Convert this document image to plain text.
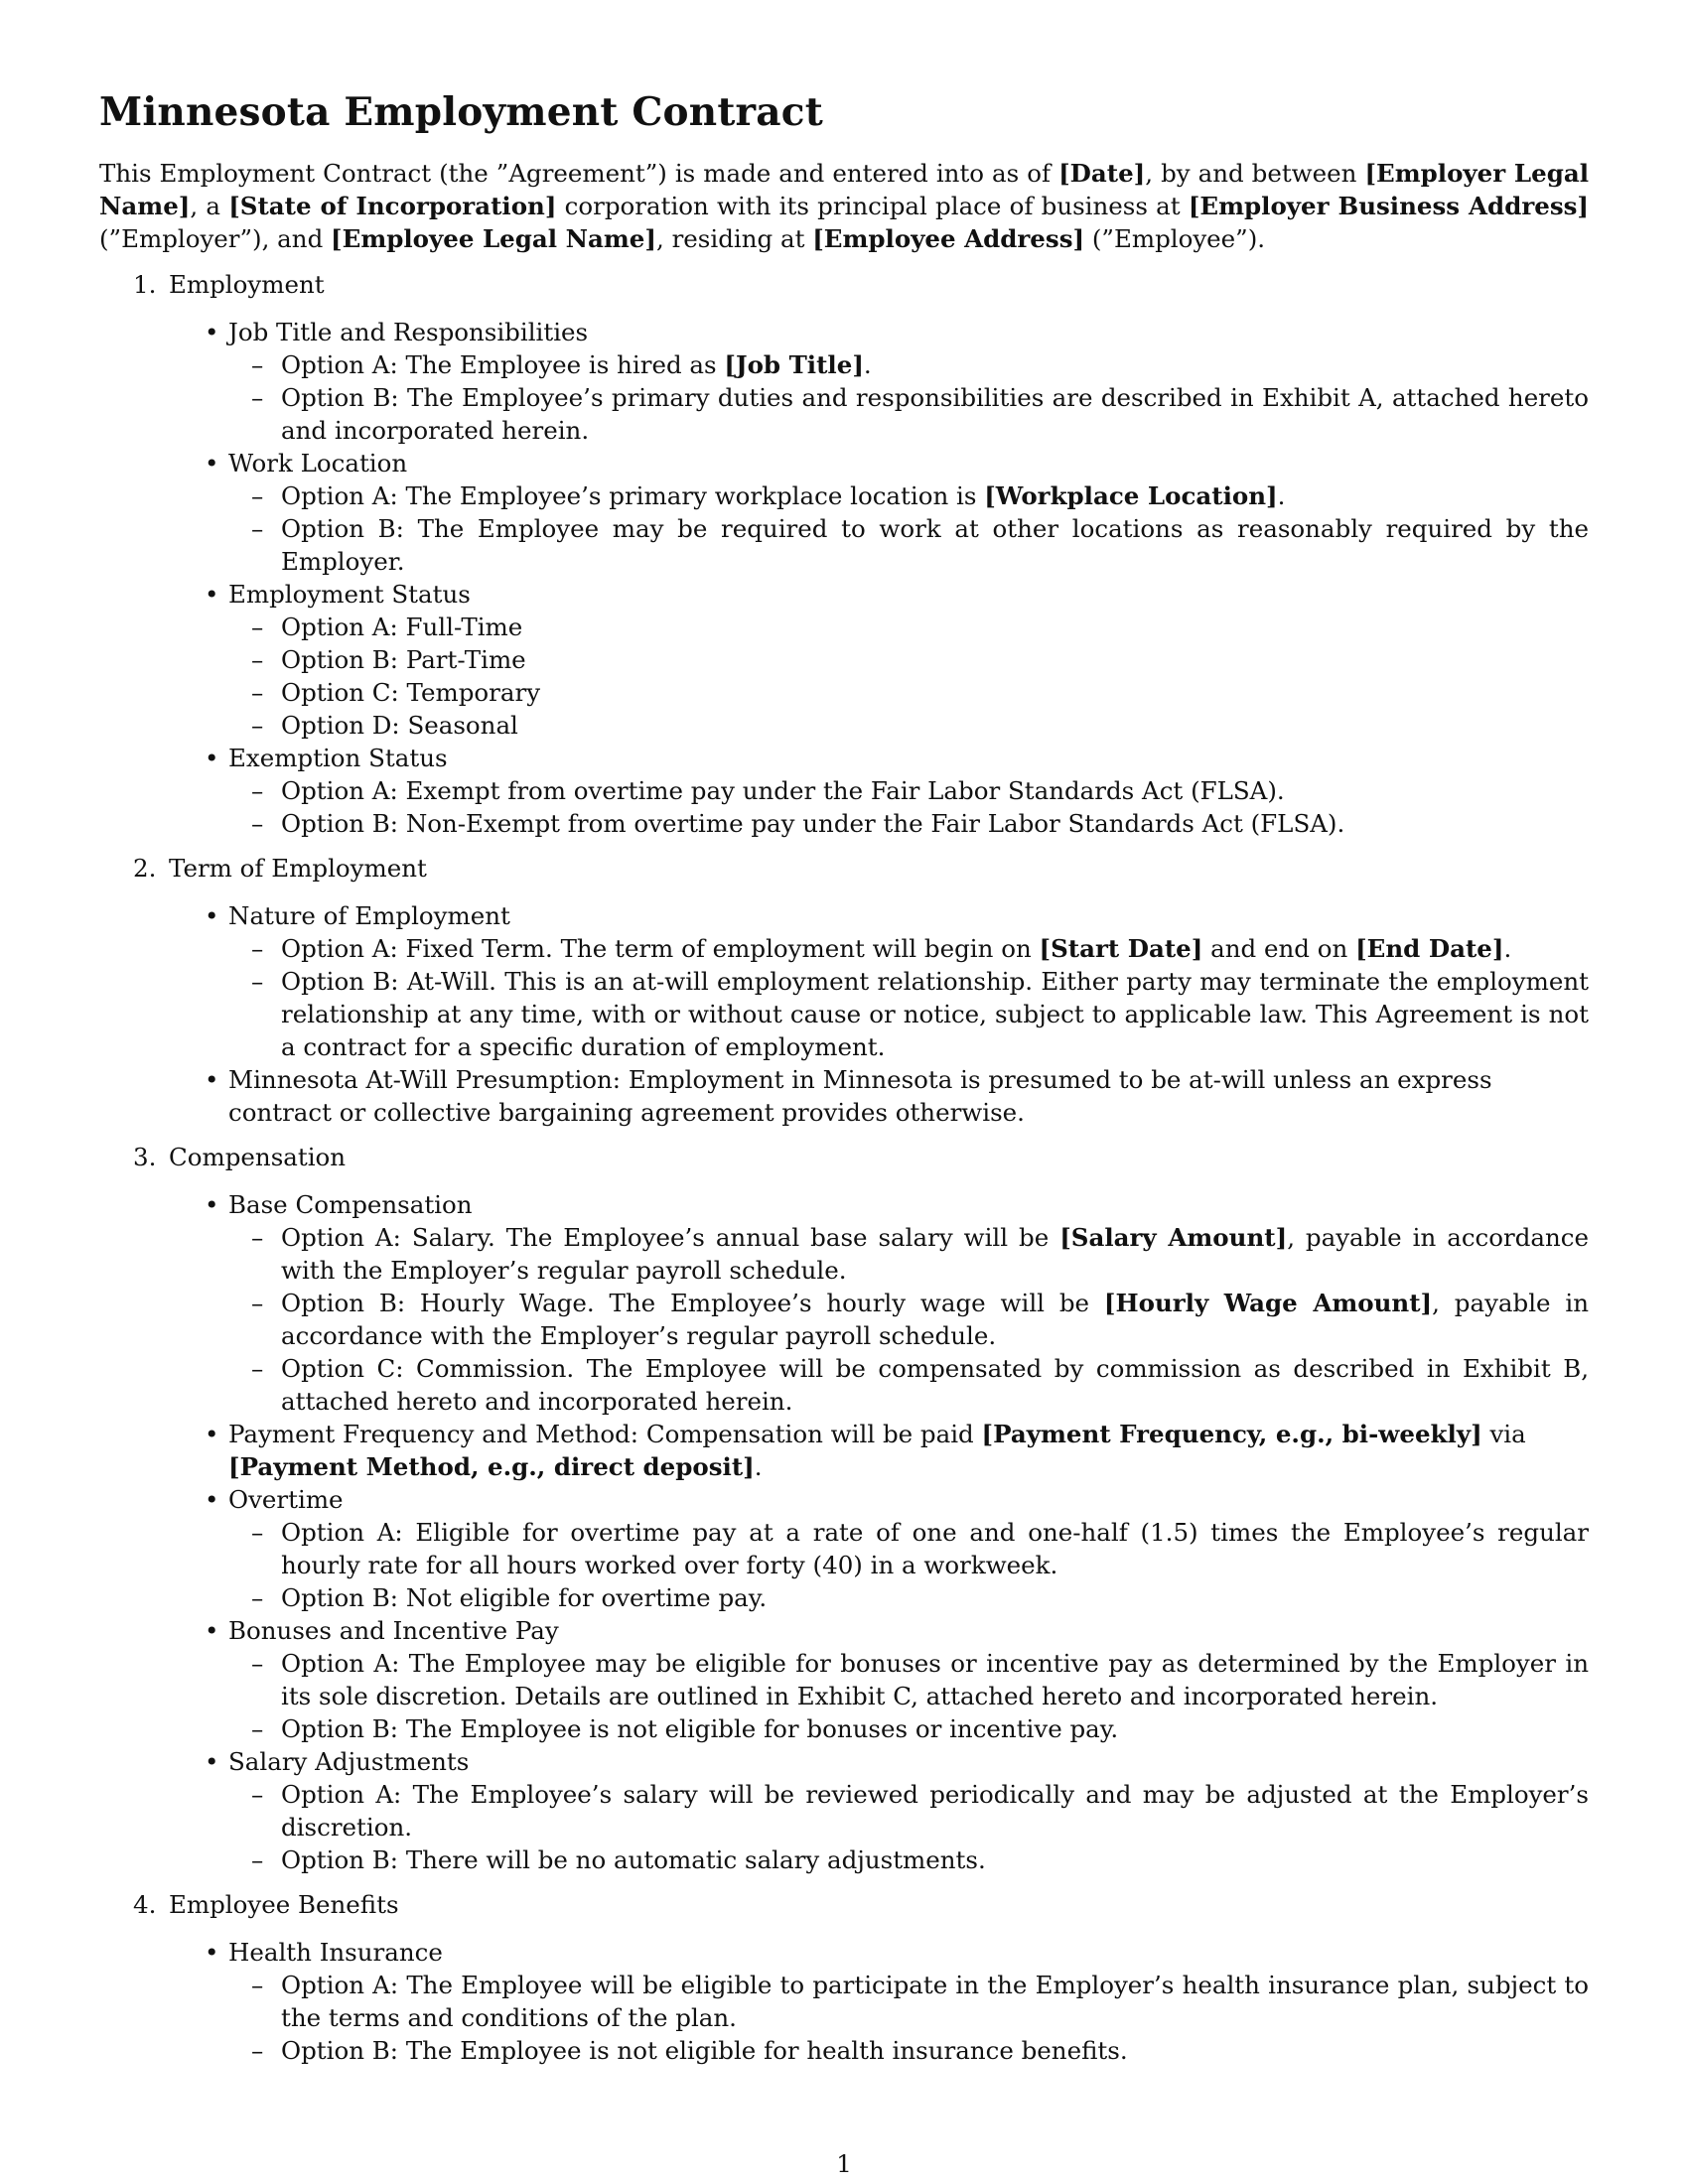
Minnesota Employment Contract

This Employment Contract (the ”Agreement”) is made and entered into as of [Date], by and between [Employer Legal Name], a [State of Incorporation] corporation with its principal place of business at [Employer Business Address] (”Employer”), and [Employee Legal Name], residing at [Employee Address] (”Employee”).

1. Employment
• Job Title and Responsibilities
– Option A: The Employee is hired as [Job Title].
– Option B: The Employee’s primary duties and responsibilities are described in Exhibit A, attached hereto and incorporated herein.
• Work Location
– Option A: The Employee’s primary workplace location is [Workplace Location].
– Option B: The Employee may be required to work at other locations as reasonably required by the Employer.
• Employment Status
– Option A: Full-Time
– Option B: Part-Time
– Option C: Temporary
– Option D: Seasonal
• Exemption Status
– Option A: Exempt from overtime pay under the Fair Labor Standards Act (FLSA).
– Option B: Non-Exempt from overtime pay under the Fair Labor Standards Act (FLSA).
2. Term of Employment
• Nature of Employment
– Option A: Fixed Term. The term of employment will begin on [Start Date] and end on [End Date].
– Option B: At-Will. This is an at-will employment relationship. Either party may terminate the employment relationship at any time, with or without cause or notice, subject to applicable law. This Agreement is not a contract for a specific duration of employment.
• Minnesota At-Will Presumption: Employment in Minnesota is presumed to be at-will unless an express contract or collective bargaining agreement provides otherwise.
3. Compensation
• Base Compensation
– Option A: Salary. The Employee’s annual base salary will be [Salary Amount], payable in accordance with the Employer’s regular payroll schedule.
– Option B: Hourly Wage. The Employee’s hourly wage will be [Hourly Wage Amount], payable in accordance with the Employer’s regular payroll schedule.
– Option C: Commission. The Employee will be compensated by commission as described in Exhibit B, attached hereto and incorporated herein.
• Payment Frequency and Method: Compensation will be paid [Payment Frequency, e.g., bi-weekly] via [Payment Method, e.g., direct deposit].
• Overtime
– Option A: Eligible for overtime pay at a rate of one and one-half (1.5) times the Employee’s regular hourly rate for all hours worked over forty (40) in a workweek.
– Option B: Not eligible for overtime pay.
• Bonuses and Incentive Pay
– Option A: The Employee may be eligible for bonuses or incentive pay as determined by the Employer in its sole discretion. Details are outlined in Exhibit C, attached hereto and incorporated herein.
– Option B: The Employee is not eligible for bonuses or incentive pay.
• Salary Adjustments
– Option A: The Employee’s salary will be reviewed periodically and may be adjusted at the Employer’s discretion.
– Option B: There will be no automatic salary adjustments.
4. Employee Benefits
• Health Insurance
– Option A: The Employee will be eligible to participate in the Employer’s health insurance plan, subject to the terms and conditions of the plan.
– Option B: The Employee is not eligible for health insurance benefits.
1
